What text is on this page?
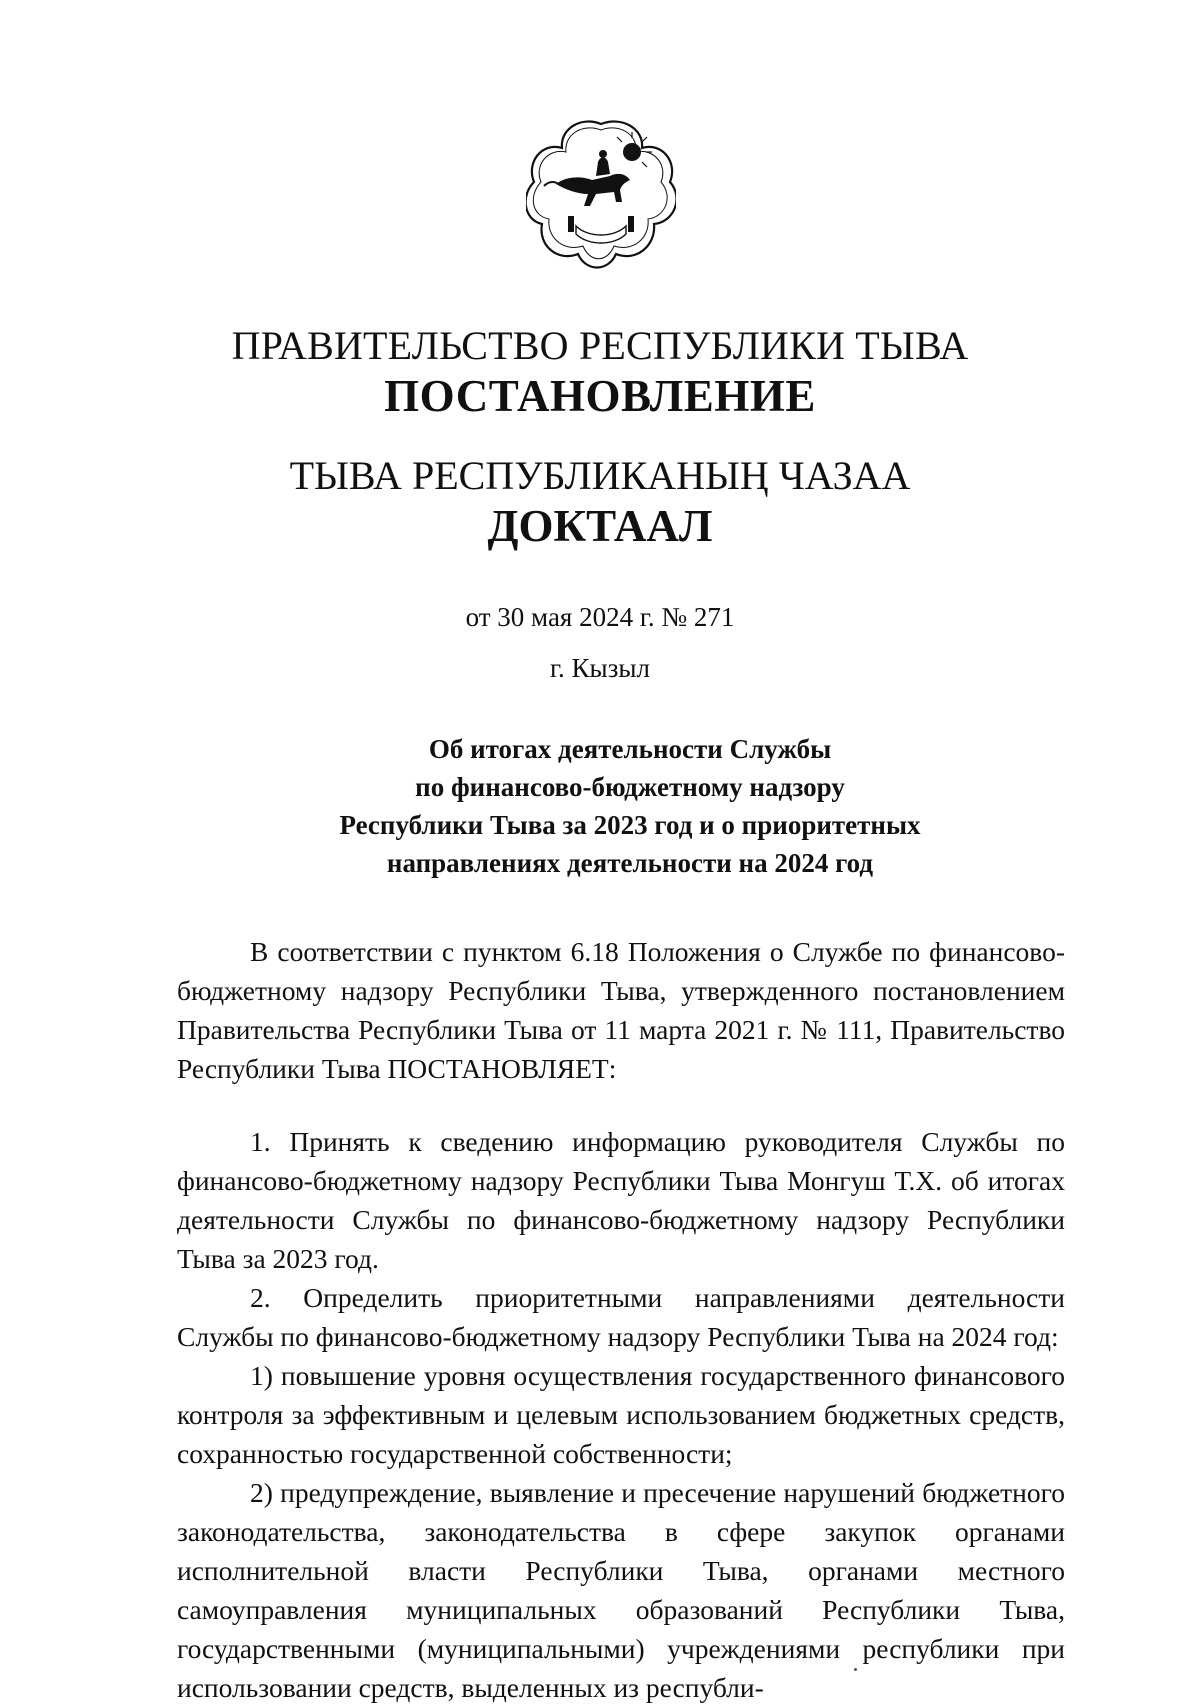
ПРАВИТЕЛЬСТВО РЕСПУБЛИКИ ТЫВА
ПОСТАНОВЛЕНИЕ
ТЫВА РЕСПУБЛИКАНЫҢ ЧАЗАА
ДОКТААЛ
от 30 мая 2024 г. № 271
г. Кызыл
Об итогах деятельности Службы
по финансово-бюджетному надзору
Республики Тыва за 2023 год и о приоритетных
направлениях деятельности на 2024 год

В соответствии с пунктом 6.18 Положения о Службе по финансово-бюджетному надзору Республики Тыва, утвержденного постановлением Правительства Республики Тыва от 11 марта 2021 г. № 111, Правительство Республики Тыва ПОСТАНОВЛЯЕТ:

1. Принять к сведению информацию руководителя Службы по финансово-бюджетному надзору Республики Тыва Монгуш Т.Х. об итогах деятельности Службы по финансово-бюджетному надзору Республики Тыва за 2023 год.

2. Определить приоритетными направлениями деятельности Службы по финансово-бюджетному надзору Республики Тыва на 2024 год:

1) повышение уровня осуществления государственного финансового контроля за эффективным и целевым использованием бюджетных средств, сохранностью государственной собственности;

2) предупреждение, выявление и пресечение нарушений бюджетного законодательства, законодательства в сфере закупок органами исполнительной власти Республики Тыва, органами местного самоуправления муниципальных образований Республики Тыва, государственными (муниципальными) учреждениями республики при использовании средств, выделенных из республи-
